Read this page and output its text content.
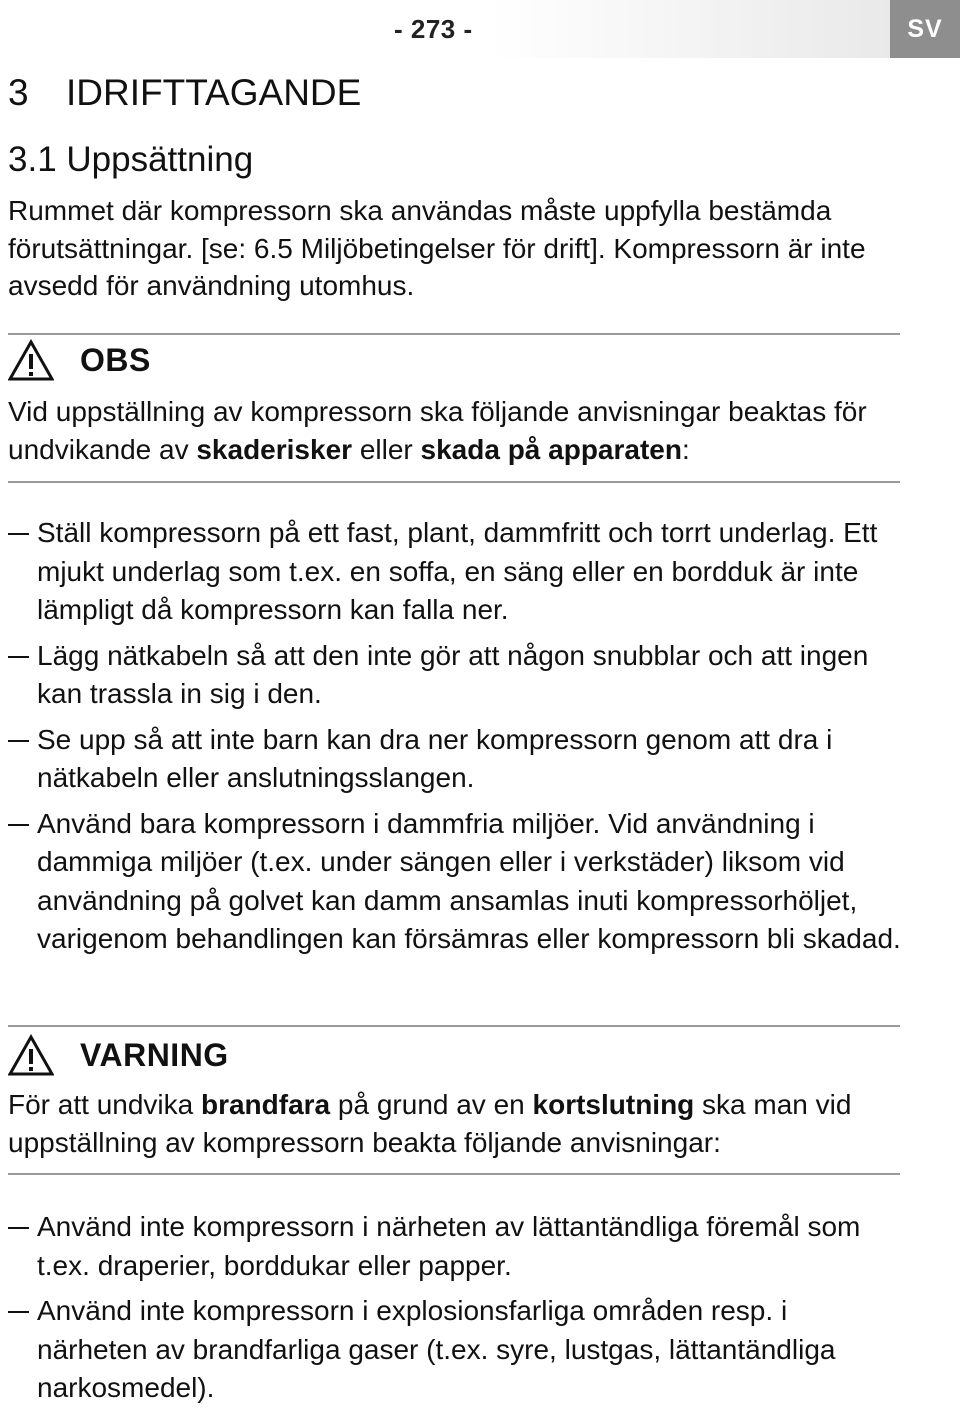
- 273 -	SV
3 IDRIFTTAGANDE
3.1 Uppsättning

Rummet där kompressorn ska användas måste uppfylla bestämda förutsättningar. [se: 6.5 Miljöbetingelser för drift]. Kompressorn är inte avsedd för användning utomhus.

OBS

Vid uppställning av kompressorn ska följande anvisningar beaktas för undvikande av skaderisker eller skada på apparaten:

Ställ kompressorn på ett fast, plant, dammfritt och torrt underlag. Ett mjukt underlag som t.ex. en soffa, en säng eller en bordduk är inte lämpligt då kompressorn kan falla ner.
Lägg nätkabeln så att den inte gör att någon snubblar och att ingen kan trassla in sig i den.
Se upp så att inte barn kan dra ner kompressorn genom att dra i nätkabeln eller anslutningsslangen.
Använd bara kompressorn i dammfria miljöer. Vid användning i dammiga miljöer (t.ex. under sängen eller i verkstäder) liksom vid användning på golvet kan damm ansamlas inuti kompressorhöljet, varigenom behandlingen kan försämras eller kompressorn bli skadad.
VARNING

För att undvika brandfara på grund av en kortslutning ska man vid uppställning av kompressorn beakta följande anvisningar:

Använd inte kompressorn i närheten av lättantändliga föremål som t.ex. draperier, borddukar eller papper.
Använd inte kompressorn i explosionsfarliga områden resp. i närheten av brandfarliga gaser (t.ex. syre, lustgas, lättantändliga narkosmedel).
